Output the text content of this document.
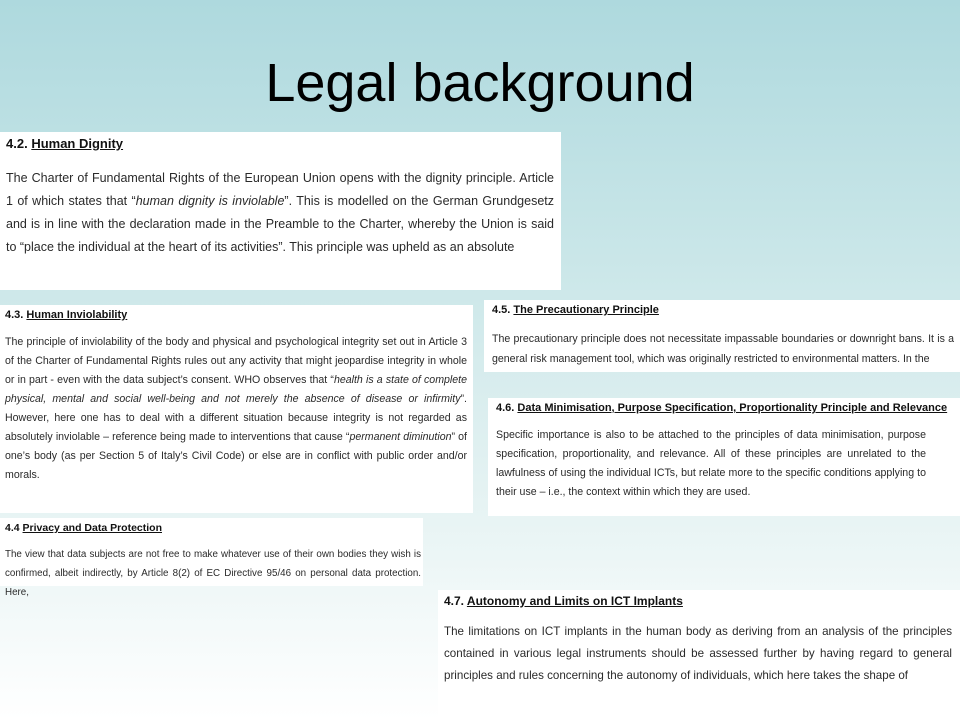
Legal background
4.2. Human Dignity
The Charter of Fundamental Rights of the European Union opens with the dignity principle. Article 1 of which states that “human dignity is inviolable”. This is modelled on the German Grundgesetz and is in line with the declaration made in the Preamble to the Charter, whereby the Union is said to “place the individual at the heart of its activities”. This principle was upheld as an absolute
4.3. Human Inviolability
The principle of inviolability of the body and physical and psychological integrity set out in Article 3 of the Charter of Fundamental Rights rules out any activity that might jeopardise integrity in whole or in part - even with the data subject’s consent. WHO observes that “health is a state of complete physical, mental and social well-being and not merely the absence of disease or infirmity”. However, here one has to deal with a different situation because integrity is not regarded as absolutely inviolable – reference being made to interventions that cause “permanent diminution” of one’s body (as per Section 5 of Italy’s Civil Code) or else are in conflict with public order and/or morals.
4.5. The Precautionary Principle
The precautionary principle does not necessitate impassable boundaries or downright bans. It is a general risk management tool, which was originally restricted to environmental matters. In the
4.6. Data Minimisation, Purpose Specification, Proportionality Principle and Relevance
Specific importance is also to be attached to the principles of data minimisation, purpose specification, proportionality, and relevance. All of these principles are unrelated to the lawfulness of using the individual ICTs, but relate more to the specific conditions applying to their use – i.e., the context within which they are used.
4.4 Privacy and Data Protection
The view that data subjects are not free to make whatever use of their own bodies they wish is confirmed, albeit indirectly, by Article 8(2) of EC Directive 95/46 on personal data protection. Here,
4.7. Autonomy and Limits on ICT Implants
The limitations on ICT implants in the human body as deriving from an analysis of the principles contained in various legal instruments should be assessed further by having regard to general principles and rules concerning the autonomy of individuals, which here takes the shape of
